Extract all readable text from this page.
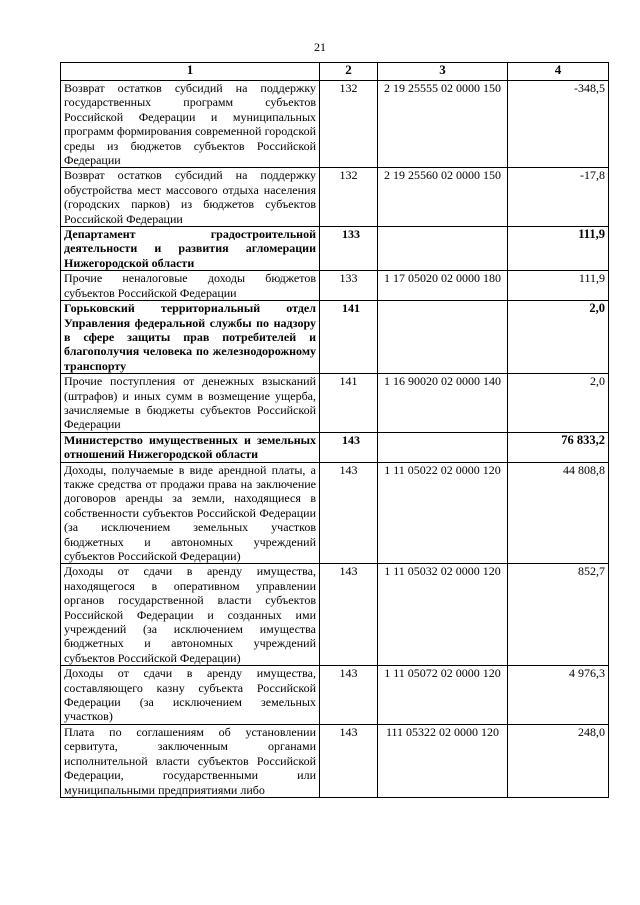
21
1	2	3	4
Возврат остатков субсидий на поддержку государственных программ субъектов Российской Федерации и муниципальных программ формирования современной городской среды из бюджетов субъектов Российской Федерации	132	2 19 25555 02 0000 150	-348,5
Возврат остатков субсидий на поддержку обустройства мест массового отдыха населения (городских парков) из бюджетов субъектов Российской Федерации	132	2 19 25560 02 0000 150	-17,8
Департамент градостроительной деятельности и развития агломерации Нижегородской области	133		111,9
Прочие неналоговые доходы бюджетов субъектов Российской Федерации	133	1 17 05020 02 0000 180	111,9
Горьковский территориальный отдел Управления федеральной службы по надзору в сфере защиты прав потребителей и благополучия человека по железнодорожному транспорту	141		2,0
Прочие поступления от денежных взысканий (штрафов) и иных сумм в возмещение ущерба, зачисляемые в бюджеты субъектов Российской Федерации	141	1 16 90020 02 0000 140	2,0
Министерство имущественных и земельных отношений Нижегородской области	143		76 833,2
Доходы, получаемые в виде арендной платы, а также средства от продажи права на заключение договоров аренды за земли, находящиеся в собственности субъектов Российской Федерации (за исключением земельных участков бюджетных и автономных учреждений субъектов Российской Федерации)	143	1 11 05022 02 0000 120	44 808,8
Доходы от сдачи в аренду имущества, находящегося в оперативном управлении органов государственной власти субъектов Российской Федерации и созданных ими учреждений (за исключением имущества бюджетных и автономных учреждений субъектов Российской Федерации)	143	1 11 05032 02 0000 120	852,7
Доходы от сдачи в аренду имущества, составляющего казну субъекта Российской Федерации (за исключением земельных участков)	143	1 11 05072 02 0000 120	4 976,3
Плата по соглашениям об установлении сервитута, заключенным органами исполнительной власти субъектов Российской Федерации, государственными или муниципальными предприятиями либо	143	111 05322 02 0000 120	248,0
